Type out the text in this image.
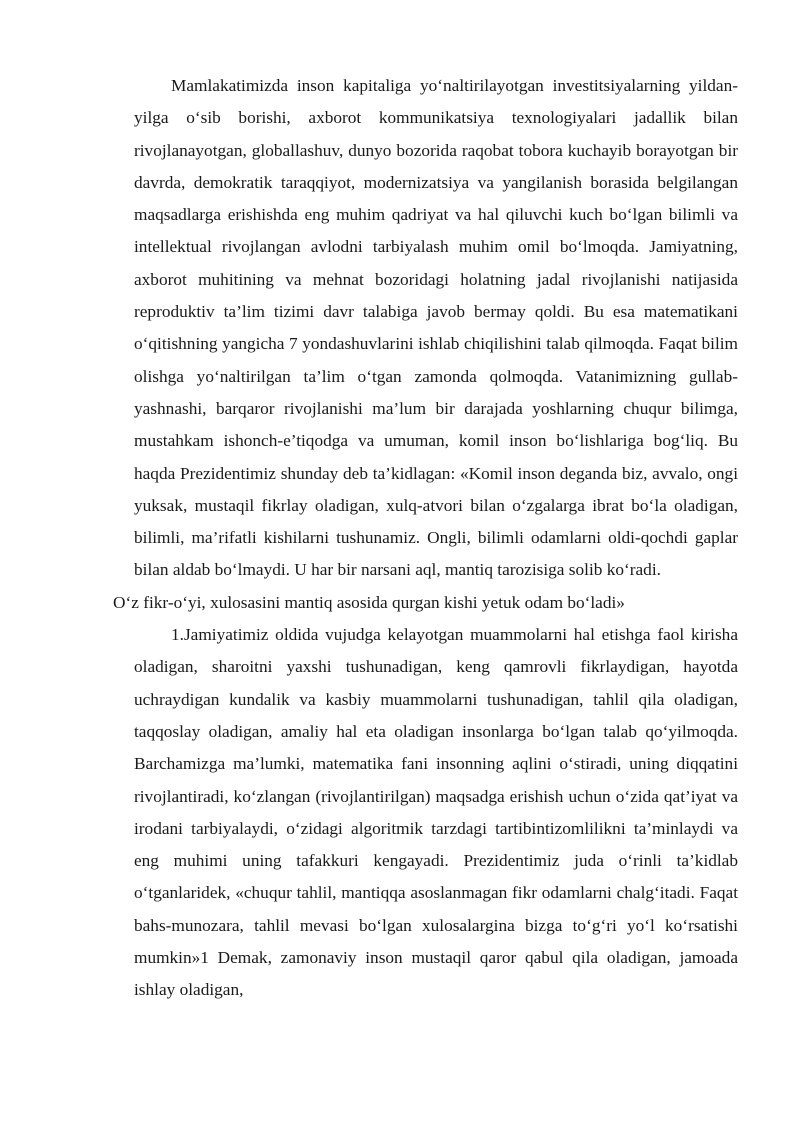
Mamlakatimizda inson kapitaliga yo‘naltirilayotgan investitsiyalarning yildan-yilga o‘sib borishi, axborot kommunikatsiya texnologiyalari jadallik bilan rivojlanayotgan, globallashuv, dunyo bozorida raqobat tobora kuchayib borayotgan bir davrda, demokratik taraqqiyot, modernizatsiya va yangilanish borasida belgilangan maqsadlarga erishishda eng muhim qadriyat va hal qiluvchi kuch bo‘lgan bilimli va intellektual rivojlangan avlodni tarbiyalash muhim omil bo‘lmoqda. Jamiyatning, axborot muhitining va mehnat bozoridagi holatning jadal rivojlanishi natijasida reproduktiv ta’lim tizimi davr talabiga javob bermay qoldi. Bu esa matematikani o‘qitishning yangicha 7 yondashuvlarini ishlab chiqilishini talab qilmoqda. Faqat bilim olishga yo‘naltirilgan ta’lim o‘tgan zamonda qolmoqda. Vatanimizning gullab-yashnashi, barqaror rivojlanishi ma’lum bir darajada yoshlarning chuqur bilimga, mustahkam ishonch-e’tiqodga va umuman, komil inson bo‘lishlariga bog‘liq. Bu haqda Prezidentimiz shunday deb ta’kidlagan: «Komil inson deganda biz, avvalo, ongi yuksak, mustaqil fikrlay oladigan, xulq-atvori bilan o‘zgalarga ibrat bo‘la oladigan, bilimli, ma’rifatli kishilarni tushunamiz. Ongli, bilimli odamlarni oldi-qochdi gaplar bilan aldab bo‘lmaydi. U har bir narsani aql, mantiq tarozisiga solib ko‘radi.

O‘z fikr-o‘yi, xulosasini mantiq asosida qurgan kishi yetuk odam bo‘ladi»

1.Jamiyatimiz oldida vujudga kelayotgan muammolarni hal etishga faol kirisha oladigan, sharoitni yaxshi tushunadigan, keng qamrovli fikrlaydigan, hayotda uchraydigan kundalik va kasbiy muammolarni tushunadigan, tahlil qila oladigan, taqqoslay oladigan, amaliy hal eta oladigan insonlarga bo‘lgan talab qo‘yilmoqda. Barchamizga ma’lumki, matematika fani insonning aqlini o‘stiradi, uning diqqatini rivojlantiradi, ko‘zlangan (rivojlantirilgan) maqsadga erishish uchun o‘zida qat’iyat va irodani tarbiyalaydi, o‘zidagi algoritmik tarzdagi tartibintizomlilikni ta’minlaydi va eng muhimi uning tafakkuri kengayadi. Prezidentimiz juda o‘rinli ta’kidlab o‘tganlaridek, «chuqur tahlil, mantiqqa asoslanmagan fikr odamlarni chalg‘itadi. Faqat bahs-munozara, tahlil mevasi bo‘lgan xulosalargina bizga to‘g‘ri yo‘l ko‘rsatishi mumkin»1 Demak, zamonaviy inson mustaqil qaror qabul qila oladigan, jamoada ishlay oladigan,
